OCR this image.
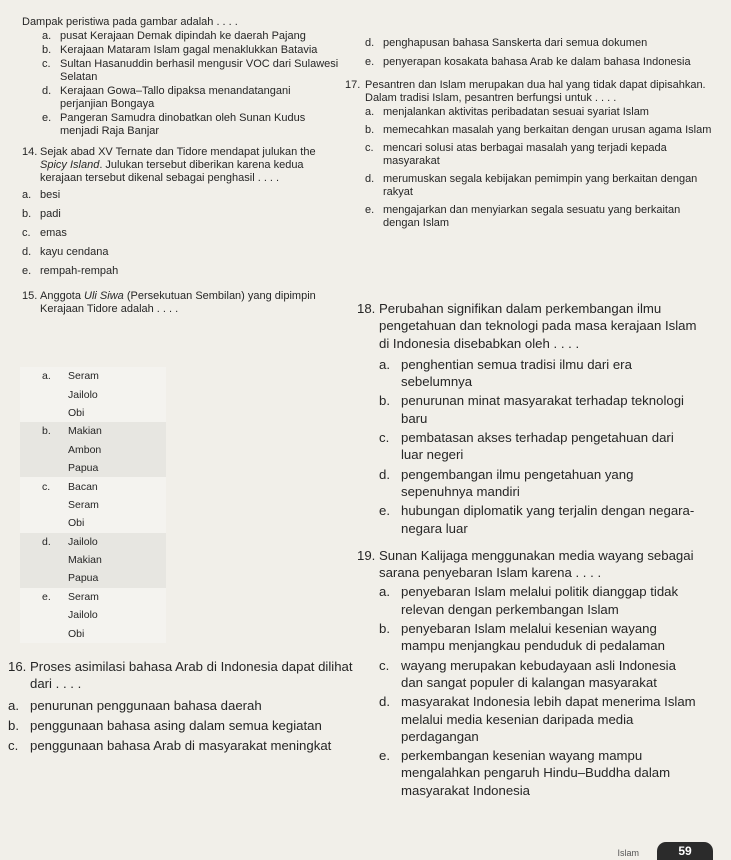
Dampak peristiwa pada gambar adalah . . . .
a. pusat Kerajaan Demak dipindah ke daerah Pajang
b. Kerajaan Mataram Islam gagal menaklukkan Batavia
c. Sultan Hasanuddin berhasil mengusir VOC dari Sulawesi Selatan
d. Kerajaan Gowa–Tallo dipaksa menandatangani perjanjian Bongaya
e. Pangeran Samudra dinobatkan oleh Sunan Kudus menjadi Raja Banjar
14. Sejak abad XV Ternate dan Tidore mendapat julukan the Spicy Island. Julukan tersebut diberikan karena kedua kerajaan tersebut dikenal sebagai penghasil . . . .
a. besi
b. padi
c. emas
d. kayu cendana
e. rempah-rempah
15. Anggota Uli Siwa (Persekutuan Sembilan) yang dipimpin Kerajaan Tidore adalah . . . .
a.	Seram
	Jailolo
	Obi
b.	Makian
	Ambon
	Papua
c.	Bacan
	Seram
	Obi
d.	Jailolo
	Makian
	Papua
e.	Seram
	Jailolo
	Obi
16. Proses asimilasi bahasa Arab di Indonesia dapat dilihat dari . . . .
a. penurunan penggunaan bahasa daerah
b. penggunaan bahasa asing dalam semua kegiatan
c. penggunaan bahasa Arab di masyarakat meningkat
d. penghapusan bahasa Sanskerta dari semua dokumen
e. penyerapan kosakata bahasa Arab ke dalam bahasa Indonesia
17. Pesantren dan Islam merupakan dua hal yang tidak dapat dipisahkan. Dalam tradisi Islam, pesantren berfungsi untuk . . . .
a. menjalankan aktivitas peribadatan sesuai syariat Islam
b. memecahkan masalah yang berkaitan dengan urusan agama Islam
c. mencari solusi atas berbagai masalah yang terjadi kepada masyarakat
d. merumuskan segala kebijakan pemimpin yang berkaitan dengan rakyat
e. mengajarkan dan menyiarkan segala sesuatu yang berkaitan dengan Islam
18. Perubahan signifikan dalam perkembangan ilmu pengetahuan dan teknologi pada masa kerajaan Islam di Indonesia disebabkan oleh . . . .
a. penghentian semua tradisi ilmu dari era sebelumnya
b. penurunan minat masyarakat terhadap teknologi baru
c. pembatasan akses terhadap pengetahuan dari luar negeri
d. pengembangan ilmu pengetahuan yang sepenuhnya mandiri
e. hubungan diplomatik yang terjalin dengan negara-negara luar
19. Sunan Kalijaga menggunakan media wayang sebagai sarana penyebaran Islam karena . . . .
a. penyebaran Islam melalui politik dianggap tidak relevan dengan perkembangan Islam
b. penyebaran Islam melalui kesenian wayang mampu menjangkau penduduk di pedalaman
c. wayang merupakan kebudayaan asli Indonesia dan sangat populer di kalangan masyarakat
d. masyarakat Indonesia lebih dapat menerima Islam melalui media kesenian daripada media perdagangan
e. perkembangan kesenian wayang mampu mengalahkan pengaruh Hindu–Buddha dalam masyarakat Indonesia
Islam	59
